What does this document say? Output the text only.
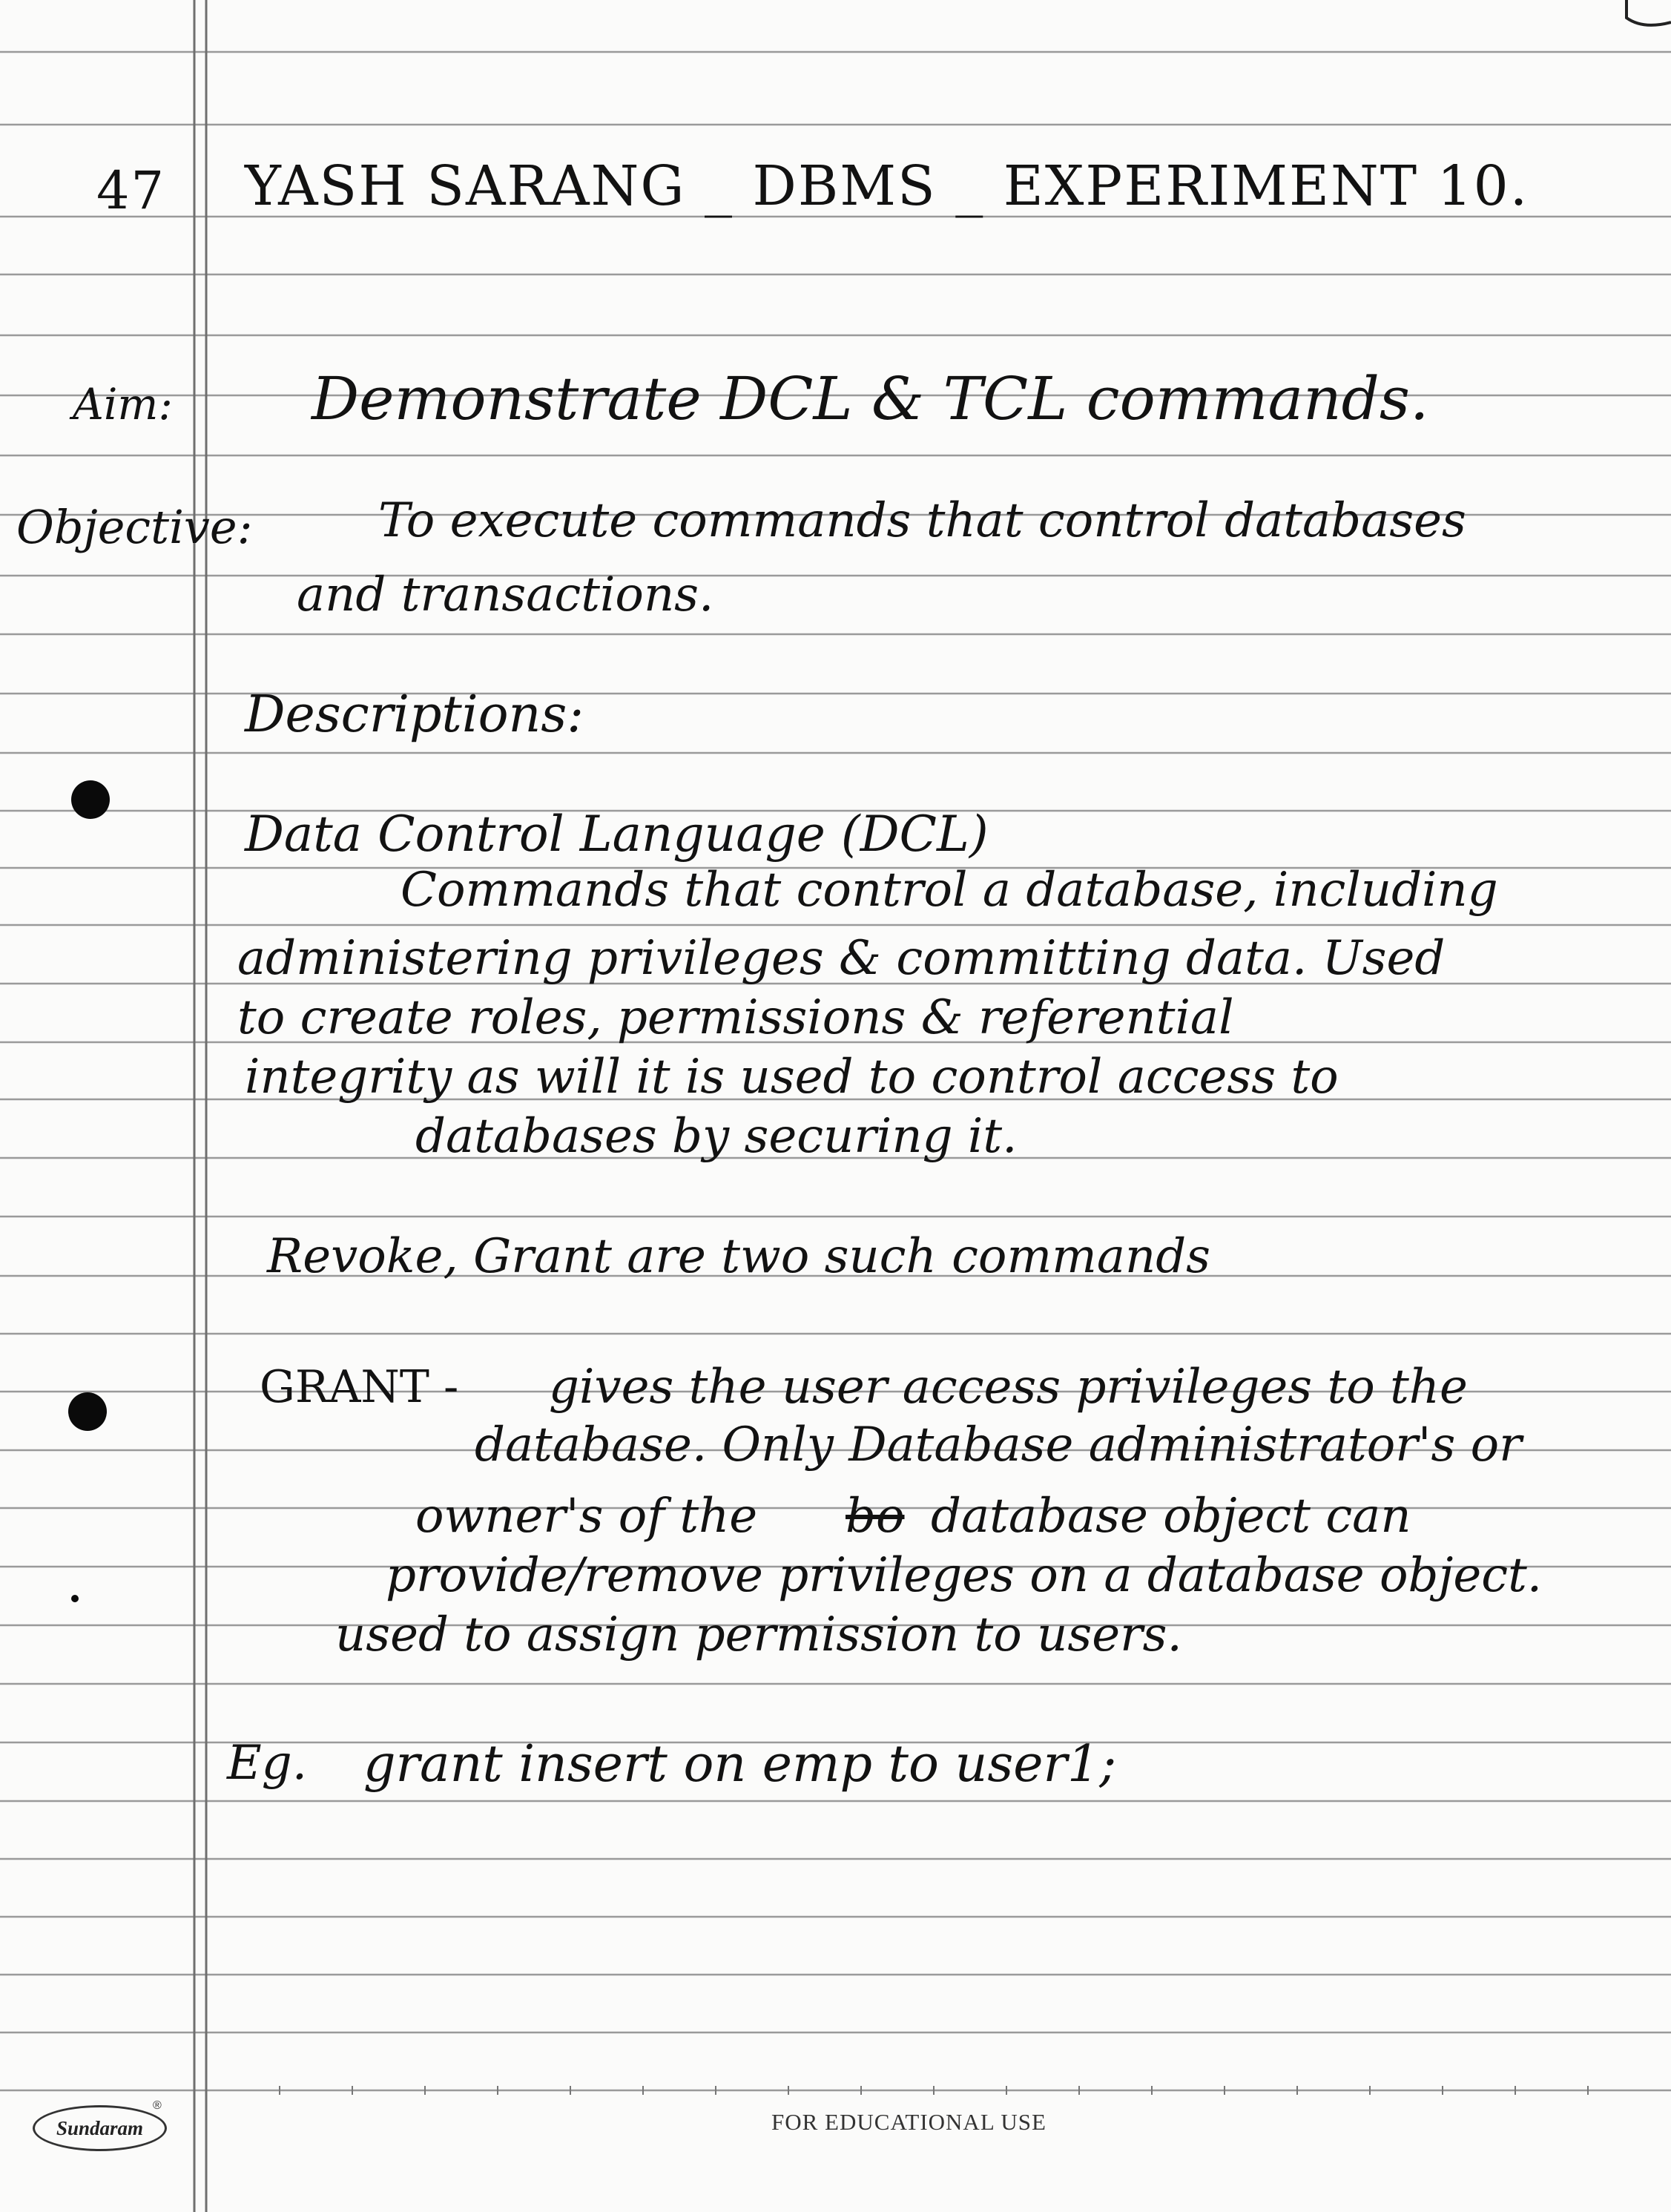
47 YASH SARANG _ DBMS _ EXPERIMENT 10.
Aim: Demonstrate DCL & TCL commands.
Objective:	To execute commands that control databases
and transactions.
Descriptions:
Data Control Language (DCL)
Commands that control a database, including
administering privileges & committing data. Used
to create roles, permissions & referential
integrity as will it is used to control access to
databases by securing it.
Revoke, Grant are two such commands
GRANT - gives the user access privileges to the
database. Only Database administrator's or
owner's of the bo database object can
provide/remove privileges on a database object.
used to assign permission to users.
Eg. grant insert on emp to user1;
Sundaram
®
FOR EDUCATIONAL USE
